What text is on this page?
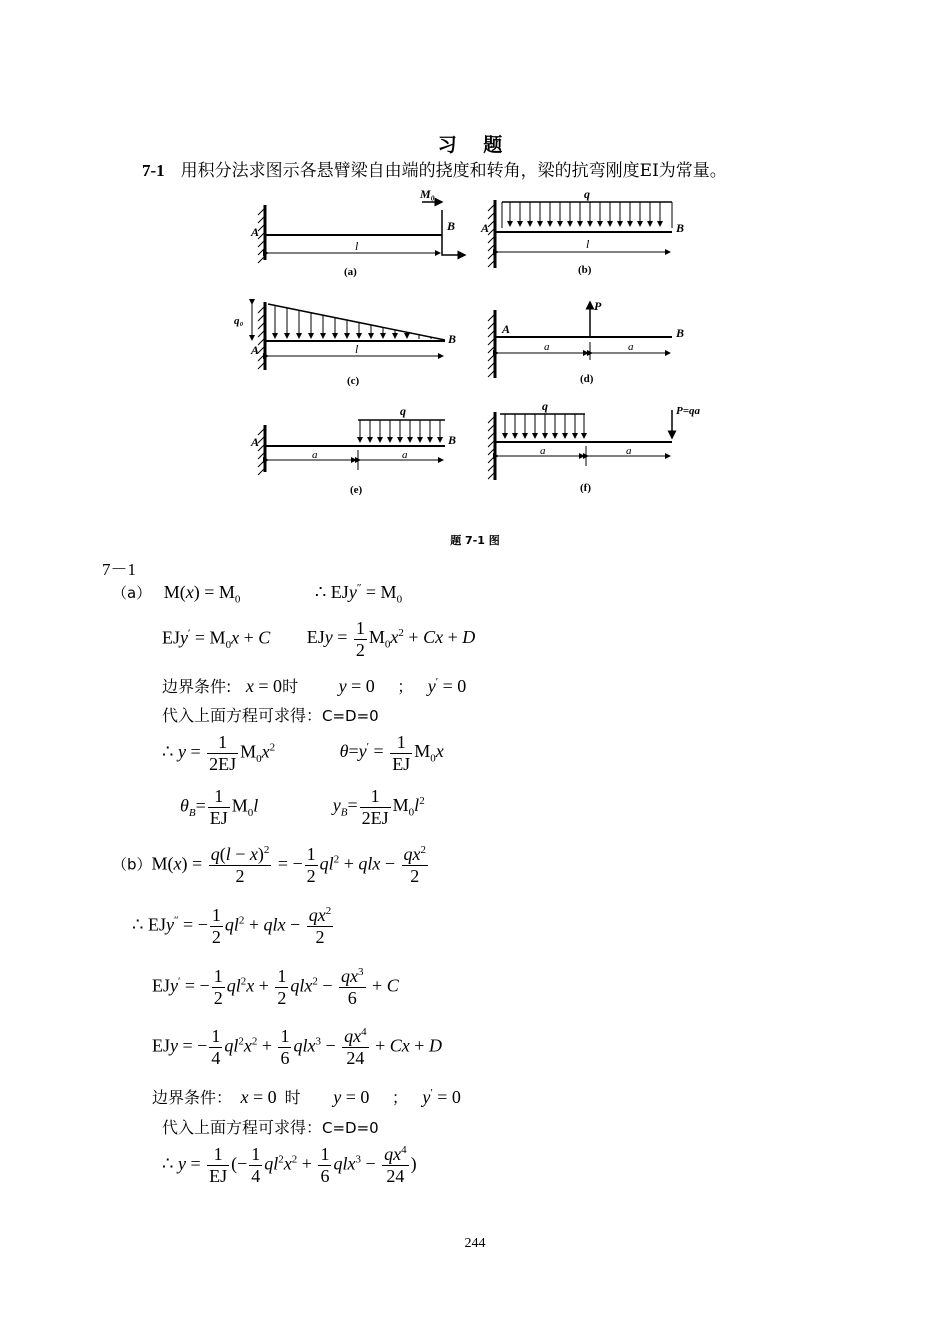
习 题
7-1 用积分法求图示各悬臂梁自由端的挠度和转角，梁的抗弯刚度EI为常量。
A	B
M₀
l
(a)
A	B
q
l
(b)
q₀
A
B
l
(c)
A	B
P
a	a
(d)
A	B
q
a	a
(e)
q	P=qa
a	a
(f)
题 7-1 图
7－1
（a） $M(x) = M_0$	∴ $EJy'' = M_0$
$EJy' = M_0x + C$ EJy = $\frac{1}{2} M_0x^2 + Cx + D$
边界条件: x = 0时 y = 0 ； y′ = 0
代入上面方程可求得：C=D=0
∴ $y = \frac{1}{2EJ} M_0x^2$	$\theta=y' = \frac{1}{EJ} M_0x$
$\theta_B= \frac{1}{EJ} M_0l$	$y_B= \frac{1}{2EJ} M_0l^2$
$(b)M(x) = \frac{q(l - x)^2}{2}$ = − $\frac{1}{2} ql^2$ + qlx − $\frac{qx^2}{2}$
∴ EJy″ = − $\frac{1}{2} ql^2$ + qlx − $\frac{qx^2}{2}$
EJy′ = − $\frac{1}{2} ql^2x + \frac{1}{2} qlx^2 - \frac{qx^3}{6} + C$
EJy = − $\frac{1}{4} ql^2x^2 + \frac{1}{6} qlx^3 - \frac{qx^4}{24} + Cx + D$
边界条件： x = 0 时 y = 0 ； y′ = 0
代入上面方程可求得：C=D=0
∴ $y = \frac{1}{EJ}$ (− $\frac{1}{4} ql^2x^2 + \frac{1}{6} qlx^3 - \frac{qx^4}{24}$ )
244
